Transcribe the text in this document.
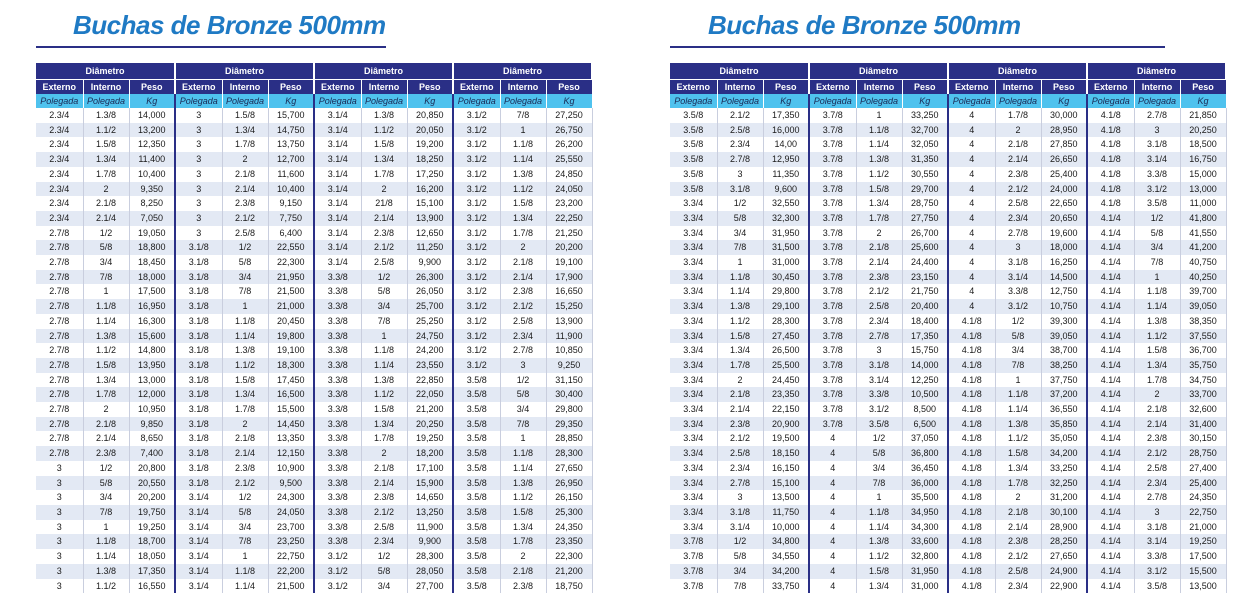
Buchas de Bronze 500mm
Diâmetro			Diâmetro			Diâmetro			Diâmetro		
Externo	Interno	Peso	Externo	Interno	Peso	Externo	Interno	Peso	Externo	Interno	Peso
Polegada	Polegada	Kg	Polegada	Polegada	Kg	Polegada	Polegada	Kg	Polegada	Polegada	Kg
2.3/4	1.3/8	14,000	3	1.5/8	15,700	3.1/4	1.3/8	20,850	3.1/2	7/8	27,250
2.3/4	1.1/2	13,200	3	1.3/4	14,750	3.1/4	1.1/2	20,050	3.1/2	1	26,750
2.3/4	1.5/8	12,350	3	1.7/8	13,750	3.1/4	1.5/8	19,200	3.1/2	1.1/8	26,200
2.3/4	1.3/4	11,400	3	2	12,700	3.1/4	1.3/4	18,250	3.1/2	1.1/4	25,550
2.3/4	1.7/8	10,400	3	2.1/8	11,600	3.1/4	1.7/8	17,250	3.1/2	1.3/8	24,850
2.3/4	2	9,350	3	2.1/4	10,400	3.1/4	2	16,200	3.1/2	1.1/2	24,050
2.3/4	2.1/8	8,250	3	2.3/8	9,150	3.1/4	21/8	15,100	3.1/2	1.5/8	23,200
2.3/4	2.1/4	7,050	3	2.1/2	7,750	3.1/4	2.1/4	13,900	3.1/2	1.3/4	22,250
2.7/8	1/2	19,050	3	2.5/8	6,400	3.1/4	2.3/8	12,650	3.1/2	1.7/8	21,250
2.7/8	5/8	18,800	3.1/8	1/2	22,550	3.1/4	2.1/2	11,250	3.1/2	2	20,200
2.7/8	3/4	18,450	3.1/8	5/8	22,300	3.1/4	2.5/8	9,900	3.1/2	2.1/8	19,100
2.7/8	7/8	18,000	3.1/8	3/4	21,950	3.3/8	1/2	26,300	3.1/2	2.1/4	17,900
2.7/8	1	17,500	3.1/8	7/8	21,500	3.3/8	5/8	26,050	3.1/2	2.3/8	16,650
2.7/8	1.1/8	16,950	3.1/8	1	21,000	3.3/8	3/4	25,700	3.1/2	2.1/2	15,250
2.7/8	1.1/4	16,300	3.1/8	1.1/8	20,450	3.3/8	7/8	25,250	3.1/2	2.5/8	13,900
2.7/8	1.3/8	15,600	3.1/8	1.1/4	19,800	3.3/8	1	24,750	3.1/2	2.3/4	11,900
2.7/8	1.1/2	14,800	3.1/8	1.3/8	19,100	3.3/8	1.1/8	24,200	3.1/2	2.7/8	10,850
2.7/8	1.5/8	13,950	3.1/8	1.1/2	18,300	3.3/8	1.1/4	23,550	3.1/2	3	9,250
2.7/8	1.3/4	13,000	3.1/8	1.5/8	17,450	3.3/8	1.3/8	22,850	3.5/8	1/2	31,150
2.7/8	1.7/8	12,000	3.1/8	1.3/4	16,500	3.3/8	1.1/2	22,050	3.5/8	5/8	30,400
2.7/8	2	10,950	3.1/8	1.7/8	15,500	3.3/8	1.5/8	21,200	3.5/8	3/4	29,800
2.7/8	2.1/8	9,850	3.1/8	2	14,450	3.3/8	1.3/4	20,250	3.5/8	7/8	29,350
2.7/8	2.1/4	8,650	3.1/8	2.1/8	13,350	3.3/8	1.7/8	19,250	3.5/8	1	28,850
2.7/8	2.3/8	7,400	3.1/8	2.1/4	12,150	3.3/8	2	18,200	3.5/8	1.1/8	28,300
3	1/2	20,800	3.1/8	2.3/8	10,900	3.3/8	2.1/8	17,100	3.5/8	1.1/4	27,650
3	5/8	20,550	3.1/8	2.1/2	9,500	3.3/8	2.1/4	15,900	3.5/8	1.3/8	26,950
3	3/4	20,200	3.1/4	1/2	24,300	3.3/8	2.3/8	14,650	3.5/8	1.1/2	26,150
3	7/8	19,750	3.1/4	5/8	24,050	3.3/8	2.1/2	13,250	3.5/8	1.5/8	25,300
3	1	19,250	3.1/4	3/4	23,700	3.3/8	2.5/8	11,900	3.5/8	1.3/4	24,350
3	1.1/8	18,700	3.1/4	7/8	23,250	3.3/8	2.3/4	9,900	3.5/8	1.7/8	23,350
3	1.1/4	18,050	3.1/4	1	22,750	3.1/2	1/2	28,300	3.5/8	2	22,300
3	1.3/8	17,350	3.1/4	1.1/8	22,200	3.1/2	5/8	28,050	3.5/8	2.1/8	21,200
3	1.1/2	16,550	3.1/4	1.1/4	21,500	3.1/2	3/4	27,700	3.5/8	2.3/8	18,750
Buchas de Bronze 500mm
Diâmetro			Diâmetro			Diâmetro			Diâmetro		
Externo	Interno	Peso	Externo	Interno	Peso	Externo	Interno	Peso	Externo	Interno	Peso
Polegada	Polegada	Kg	Polegada	Polegada	Kg	Polegada	Polegada	Kg	Polegada	Polegada	Kg
3.5/8	2.1/2	17,350	3.7/8	1	33,250	4	1.7/8	30,000	4.1/8	2.7/8	21,850
3.5/8	2.5/8	16,000	3.7/8	1.1/8	32,700	4	2	28,950	4.1/8	3	20,250
3.5/8	2.3/4	14,00	3.7/8	1.1/4	32,050	4	2.1/8	27,850	4.1/8	3.1/8	18,500
3.5/8	2.7/8	12,950	3.7/8	1.3/8	31,350	4	2.1/4	26,650	4.1/8	3.1/4	16,750
3.5/8	3	11,350	3.7/8	1.1/2	30,550	4	2.3/8	25,400	4.1/8	3.3/8	15,000
3.5/8	3.1/8	9,600	3.7/8	1.5/8	29,700	4	2.1/2	24,000	4.1/8	3.1/2	13,000
3.3/4	1/2	32,550	3.7/8	1.3/4	28,750	4	2.5/8	22,650	4.1/8	3.5/8	11,000
3.3/4	5/8	32,300	3.7/8	1.7/8	27,750	4	2.3/4	20,650	4.1/4	1/2	41,800
3.3/4	3/4	31,950	3.7/8	2	26,700	4	2.7/8	19,600	4.1/4	5/8	41,550
3.3/4	7/8	31,500	3.7/8	2.1/8	25,600	4	3	18,000	4.1/4	3/4	41,200
3.3/4	1	31,000	3.7/8	2.1/4	24,400	4	3.1/8	16,250	4.1/4	7/8	40,750
3.3/4	1.1/8	30,450	3.7/8	2.3/8	23,150	4	3.1/4	14,500	4.1/4	1	40,250
3.3/4	1.1/4	29,800	3.7/8	2.1/2	21,750	4	3.3/8	12,750	4.1/4	1.1/8	39,700
3.3/4	1.3/8	29,100	3.7/8	2.5/8	20,400	4	3.1/2	10,750	4.1/4	1.1/4	39,050
3.3/4	1.1/2	28,300	3.7/8	2.3/4	18,400	4.1/8	1/2	39,300	4.1/4	1.3/8	38,350
3.3/4	1.5/8	27,450	3.7/8	2.7/8	17,350	4.1/8	5/8	39,050	4.1/4	1.1/2	37,550
3.3/4	1.3/4	26,500	3.7/8	3	15,750	4.1/8	3/4	38,700	4.1/4	1.5/8	36,700
3.3/4	1.7/8	25,500	3.7/8	3.1/8	14,000	4.1/8	7/8	38,250	4.1/4	1.3/4	35,750
3.3/4	2	24,450	3.7/8	3.1/4	12,250	4.1/8	1	37,750	4.1/4	1.7/8	34,750
3.3/4	2.1/8	23,350	3.7/8	3.3/8	10,500	4.1/8	1.1/8	37,200	4.1/4	2	33,700
3.3/4	2.1/4	22,150	3.7/8	3.1/2	8,500	4.1/8	1.1/4	36,550	4.1/4	2.1/8	32,600
3.3/4	2.3/8	20,900	3.7/8	3.5/8	6,500	4.1/8	1.3/8	35,850	4.1/4	2.1/4	31,400
3.3/4	2.1/2	19,500	4	1/2	37,050	4.1/8	1.1/2	35,050	4.1/4	2.3/8	30,150
3.3/4	2.5/8	18,150	4	5/8	36,800	4.1/8	1.5/8	34,200	4.1/4	2.1/2	28,750
3.3/4	2.3/4	16,150	4	3/4	36,450	4.1/8	1.3/4	33,250	4.1/4	2.5/8	27,400
3.3/4	2.7/8	15,100	4	7/8	36,000	4.1/8	1.7/8	32,250	4.1/4	2.3/4	25,400
3.3/4	3	13,500	4	1	35,500	4.1/8	2	31,200	4.1/4	2.7/8	24,350
3.3/4	3.1/8	11,750	4	1.1/8	34,950	4.1/8	2.1/8	30,100	4.1/4	3	22,750
3.3/4	3.1/4	10,000	4	1.1/4	34,300	4.1/8	2.1/4	28,900	4.1/4	3.1/8	21,000
3.7/8	1/2	34,800	4	1.3/8	33,600	4.1/8	2.3/8	28,250	4.1/4	3.1/4	19,250
3.7/8	5/8	34,550	4	1.1/2	32,800	4.1/8	2.1/2	27,650	4.1/4	3.3/8	17,500
3.7/8	3/4	34,200	4	1.5/8	31,950	4.1/8	2.5/8	24,900	4.1/4	3.1/2	15,500
3.7/8	7/8	33,750	4	1.3/4	31,000	4.1/8	2.3/4	22,900	4.1/4	3.5/8	13,500
